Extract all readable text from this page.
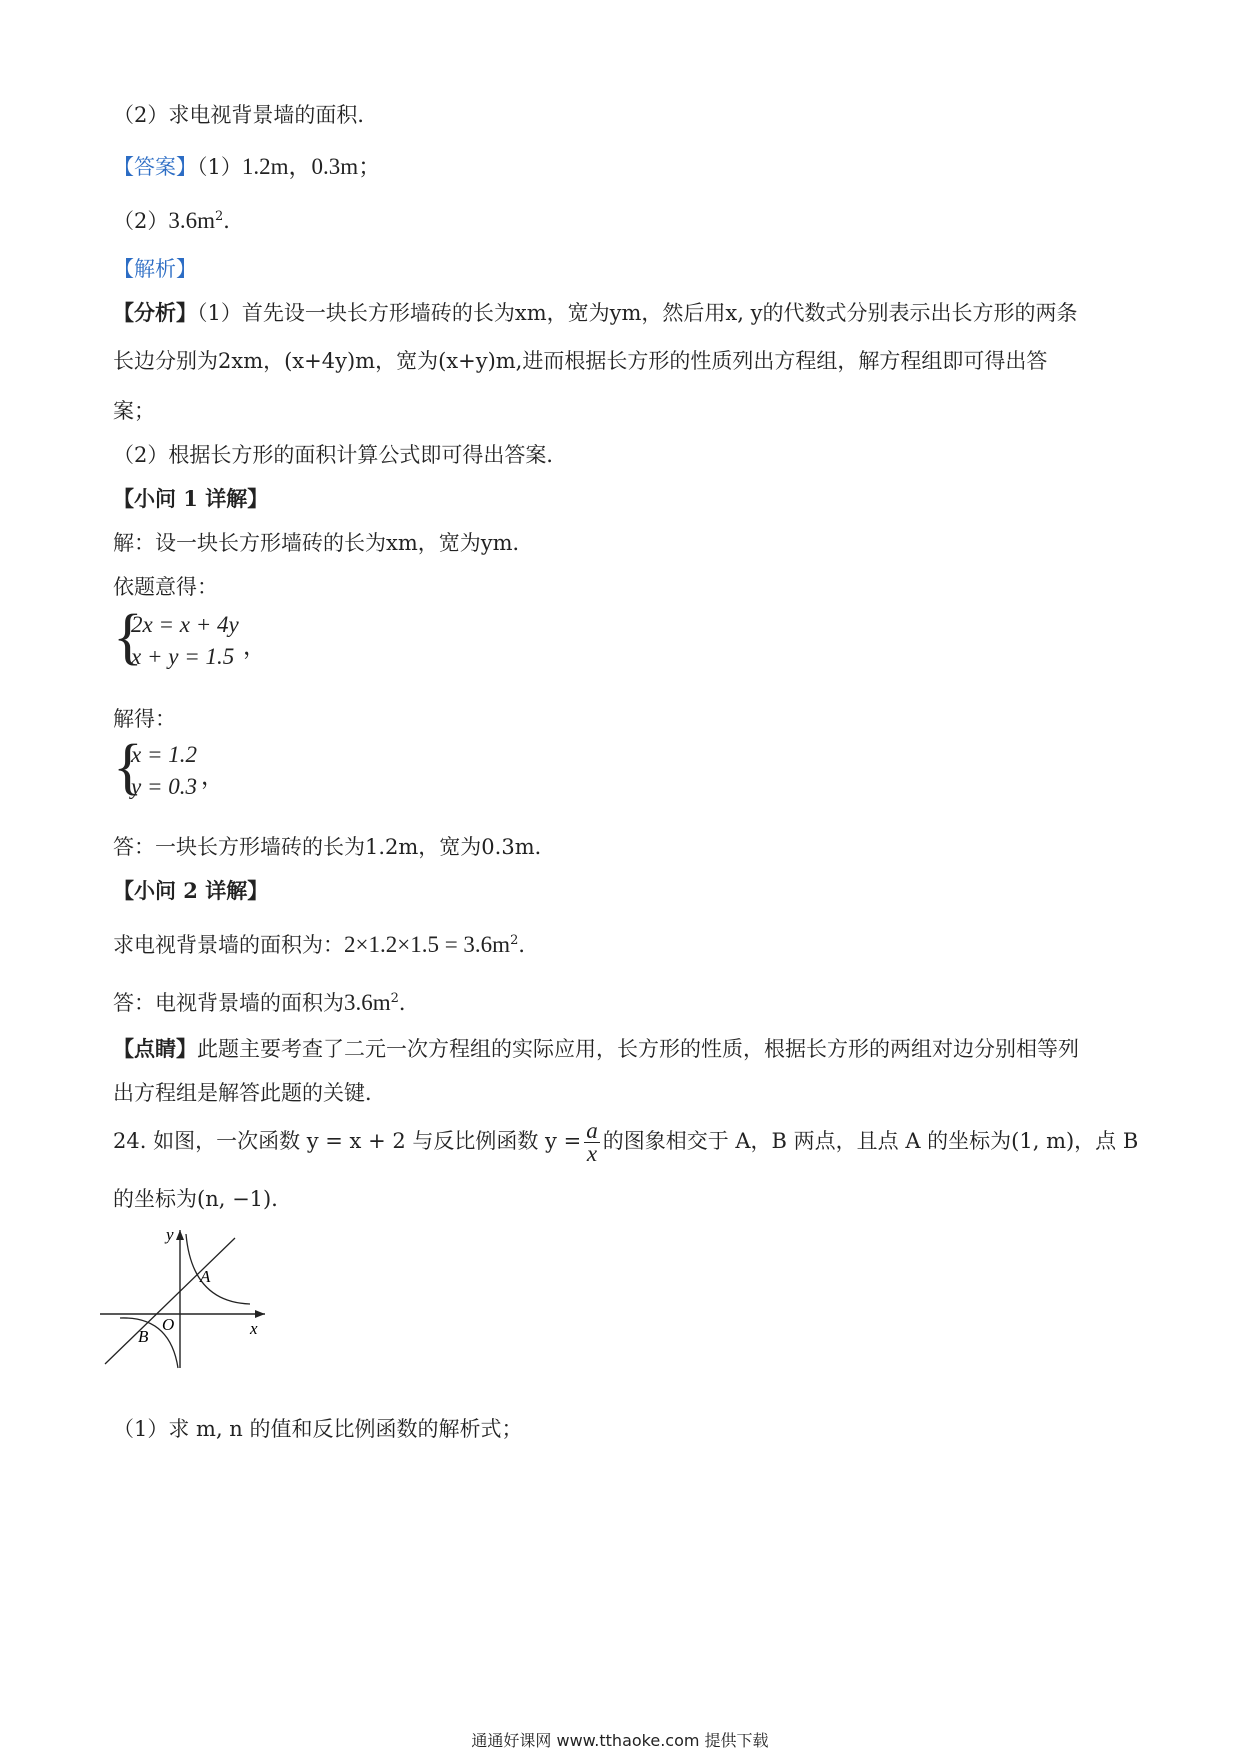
（2）求电视背景墙的面积．
【答案】（1）1.2m，0.3m；
$(2)3.6m^2$．
【解析】
【分析】（1）首先设一块长方形墙砖的长为xm，宽为ym，然后用x, y的代数式分别表示出长方形的两条
长边分别为2xm，(x+4y)m，宽为(x+y)m,进而根据长方形的性质列出方程组，解方程组即可得出答
案；
（2）根据长方形的面积计算公式即可得出答案．
【小问 1 详解】
解：设一块长方形墙砖的长为xm，宽为ym．
依题意得：
{
2x = x + 4y
x + y = 1.5 ，
解得：
{
x = 1.2
y = 0.3 ，
答：一块长方形墙砖的长为1.2m，宽为0.3m．
【小问 2 详解】
求电视背景墙的面积为：$2\times 1.2\times 1.5 = 3.6m^2$．
答：电视背景墙的面积为$3.6m^2$．
【点睛】此题主要考查了二元一次方程组的实际应用，长方形的性质，根据长方形的两组对边分别相等列
出方程组是解答此题的关键．
24. 如图，一次函数 y = x + 2 与反比例函数 $y = \frac{a}{x}$ 的图象相交于 A，B 两点，且点 A 的坐标为(1, m)，点 B
的坐标为(n, −1)．
y
x
O
A
B
（1）求 m, n 的值和反比例函数的解析式；
通通好课网 www.tthaoke.com 提供下载
